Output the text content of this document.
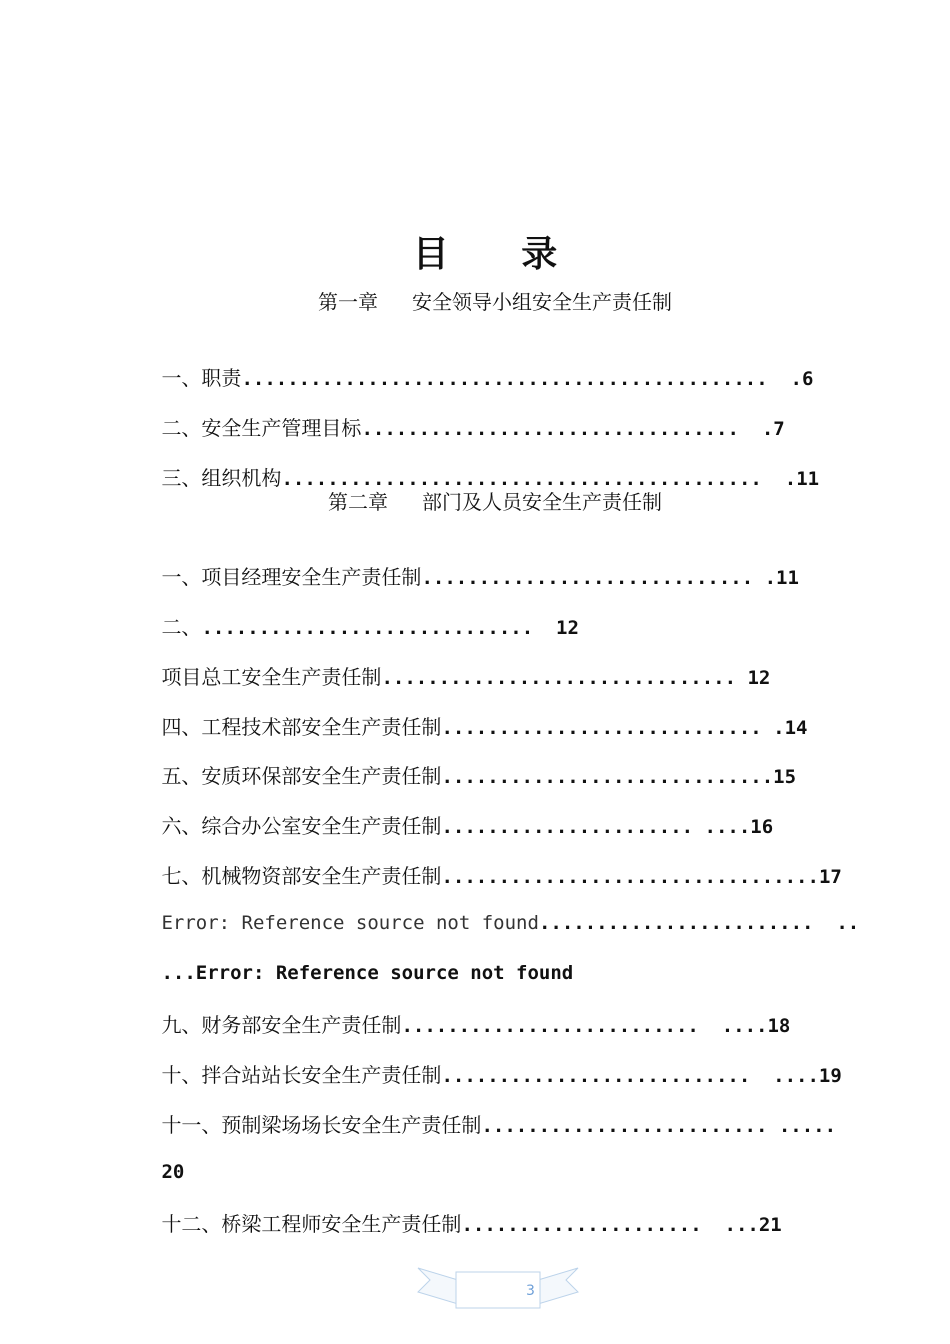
目 录
第一章 安全领导小组安全生产责任制

一、职责..............................................  .6

二、安全生产管理目标.................................  .7

三、组织机构..........................................  .11

第二章 部门及人员安全生产责任制

一、项目经理安全生产责任制............................. .11

二、.............................  12

项目总工安全生产责任制............................... 12

四、工程技术部安全生产责任制............................ .14

五、安质环保部安全生产责任制.............................15

六、综合办公室安全生产责任制...................... ....16

七、机械物资部安全生产责任制.................................17

Error: Reference source not found........................  ..

...Error: Reference source not found

九、财务部安全生产责任制..........................  ....18

十、拌合站站长安全生产责任制...........................  ....19

十一、预制梁场场长安全生产责任制......................... .....

20

十二、桥梁工程师安全生产责任制.....................  ...21

3
